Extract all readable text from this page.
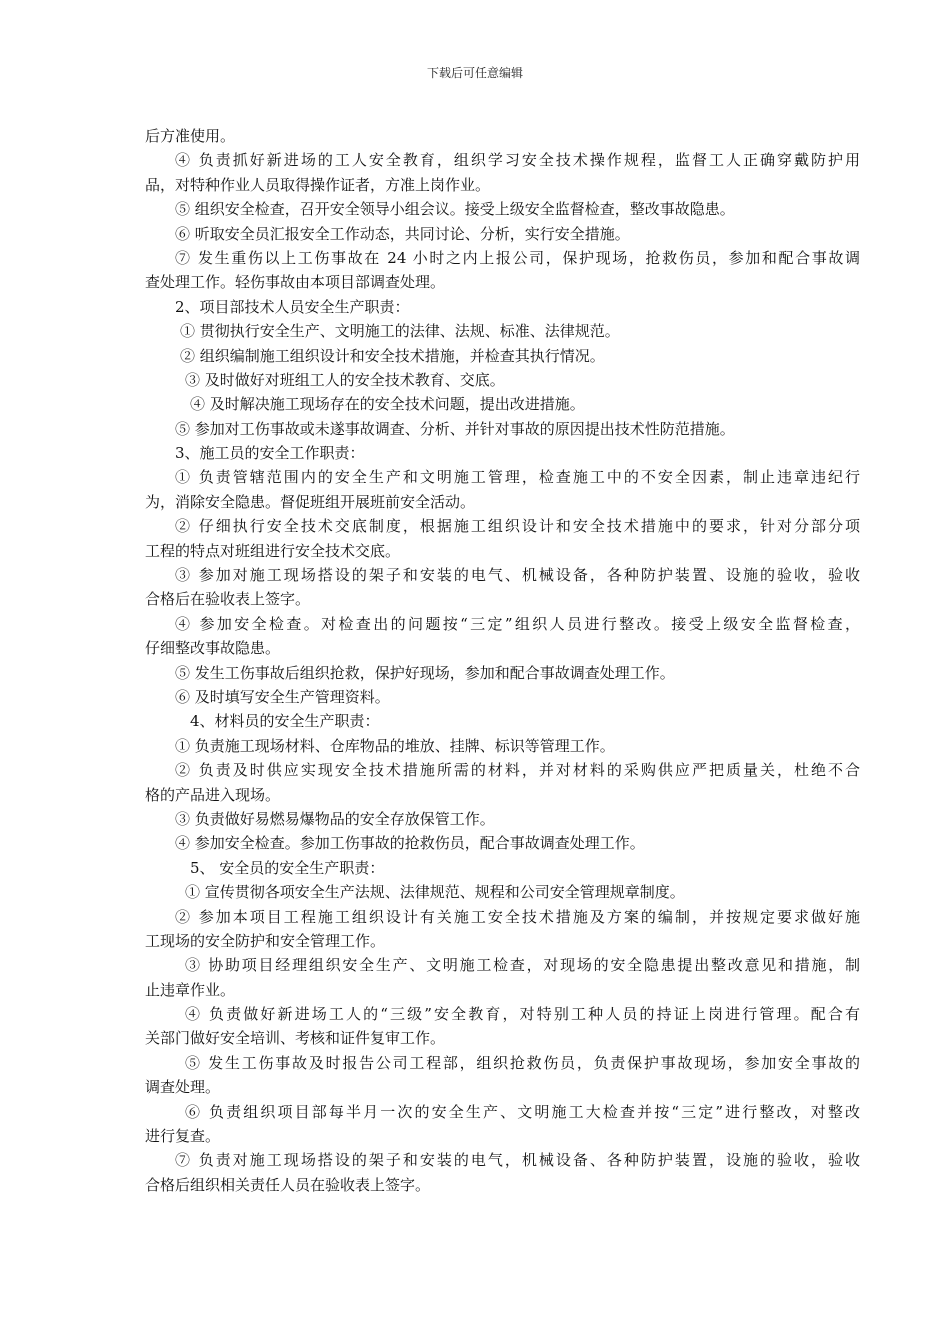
下载后可任意编辑
后方准使用。
④ 负责抓好新进场的工人安全教育，组织学习安全技术操作规程，监督工人正确穿戴防护用
品，对特种作业人员取得操作证者，方准上岗作业。
⑤ 组织安全检查，召开安全领导小组会议。接受上级安全监督检查，整改事故隐患。
⑥ 听取安全员汇报安全工作动态，共同讨论、分析，实行安全措施。
⑦ 发生重伤以上工伤事故在 24 小时之内上报公司，保护现场，抢救伤员，参加和配合事故调
查处理工作。轻伤事故由本项目部调查处理。
2、项目部技术人员安全生产职责：
① 贯彻执行安全生产、文明施工的法律、法规、标准、法律规范。
② 组织编制施工组织设计和安全技术措施，并检查其执行情况。
③ 及时做好对班组工人的安全技术教育、交底。
④ 及时解决施工现场存在的安全技术问题，提出改进措施。
⑤ 参加对工伤事故或未遂事故调查、分析、并针对事故的原因提出技术性防范措施。
3、施工员的安全工作职责：
① 负责管辖范围内的安全生产和文明施工管理，检查施工中的不安全因素，制止违章违纪行
为，消除安全隐患。督促班组开展班前安全活动。
② 仔细执行安全技术交底制度，根据施工组织设计和安全技术措施中的要求，针对分部分项
工程的特点对班组进行安全技术交底。
③ 参加对施工现场搭设的架子和安装的电气、机械设备，各种防护装置、设施的验收，验收
合格后在验收表上签字。
④ 参加安全检查。对检查出的问题按“三定”组织人员进行整改。接受上级安全监督检查，
仔细整改事故隐患。
⑤ 发生工伤事故后组织抢救，保护好现场，参加和配合事故调查处理工作。
⑥ 及时填写安全生产管理资料。
4、材料员的安全生产职责：
① 负责施工现场材料、仓库物品的堆放、挂牌、标识等管理工作。
② 负责及时供应实现安全技术措施所需的材料，并对材料的采购供应严把质量关，杜绝不合
格的产品进入现场。
③ 负责做好易燃易爆物品的安全存放保管工作。
④ 参加安全检查。参加工伤事故的抢救伤员，配合事故调查处理工作。
5、 安全员的安全生产职责：
① 宣传贯彻各项安全生产法规、法律规范、规程和公司安全管理规章制度。
② 参加本项目工程施工组织设计有关施工安全技术措施及方案的编制，并按规定要求做好施
工现场的安全防护和安全管理工作。
③ 协助项目经理组织安全生产、文明施工检查，对现场的安全隐患提出整改意见和措施，制
止违章作业。
④ 负责做好新进场工人的“三级”安全教育，对特别工种人员的持证上岗进行管理。配合有
关部门做好安全培训、考核和证件复审工作。
⑤ 发生工伤事故及时报告公司工程部，组织抢救伤员，负责保护事故现场，参加安全事故的
调查处理。
⑥ 负责组织项目部每半月一次的安全生产、文明施工大检查并按“三定”进行整改，对整改
进行复查。
⑦ 负责对施工现场搭设的架子和安装的电气，机械设备、各种防护装置，设施的验收，验收
合格后组织相关责任人员在验收表上签字。
